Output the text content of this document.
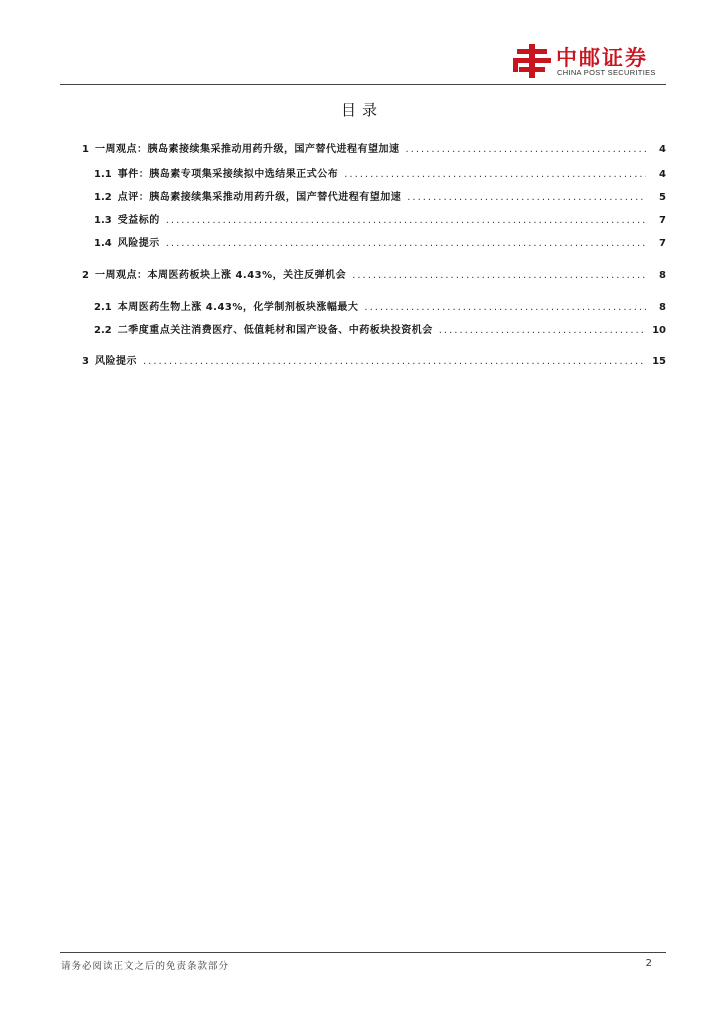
中邮证券
CHINA POST SECURITIES
目录
1 一周观点：胰岛素接续集采推动用药升级，国产替代进程有望加速 .....	4
1.1 事件：胰岛素专项集采接续拟中选结果正式公布 .....	4
1.2 点评：胰岛素接续集采推动用药升级，国产替代进程有望加速 .....	5
1.3 受益标的 .....	7
1.4 风险提示 .....	7
2 一周观点：本周医药板块上涨 4.43%，关注反弹机会 .....	8
2.1 本周医药生物上涨 4.43%，化学制剂板块涨幅最大 .....	8
2.2 二季度重点关注消费医疗、低值耗材和国产设备、中药板块投资机会 .....	10
3 风险提示 .....	15
请务必阅读正文之后的免责条款部分	2
